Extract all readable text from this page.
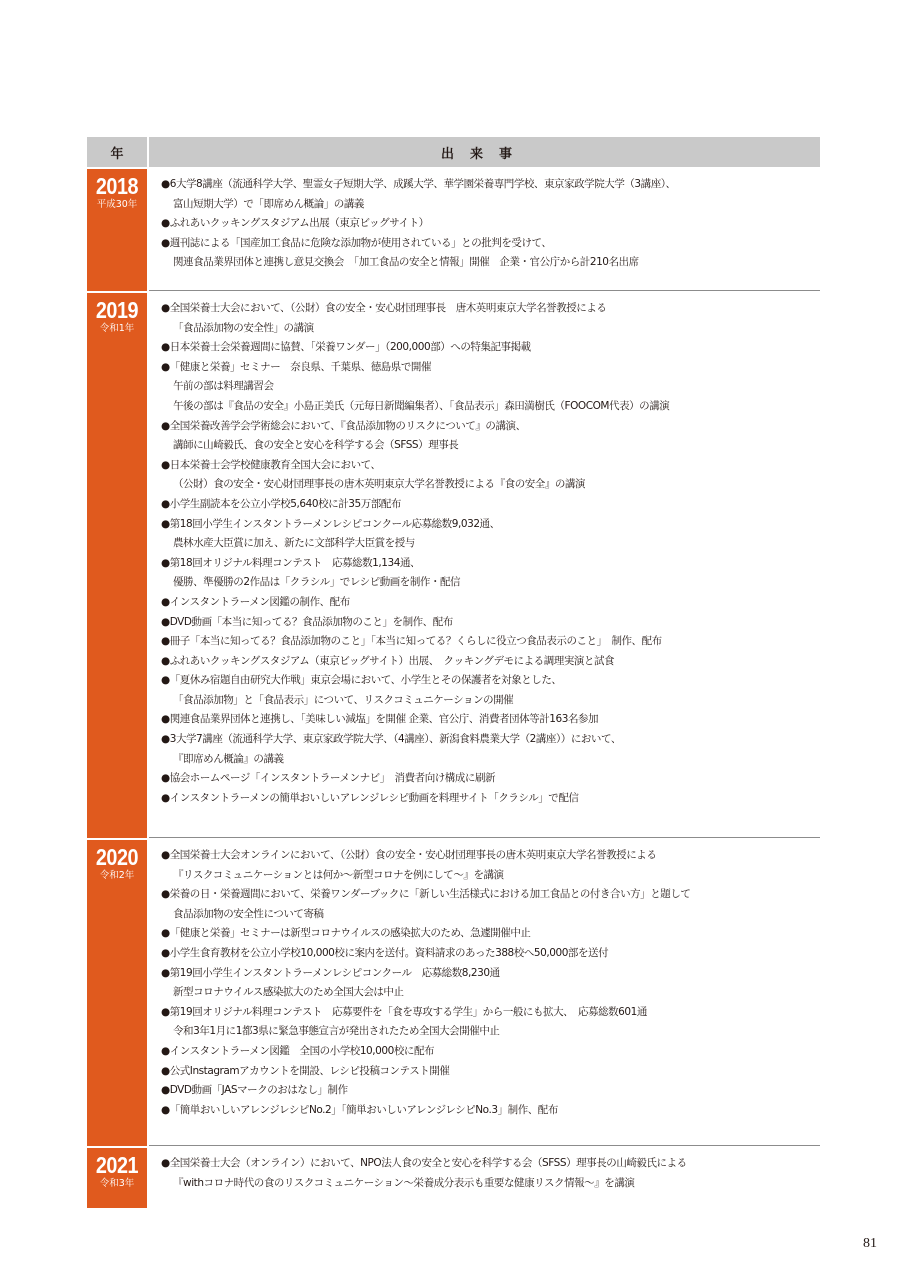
年	出来事
2018
平成30年
●6大学8講座（流通科学大学、聖霊女子短期大学、成蹊大学、華学園栄養専門学校、東京家政学院大学（3講座）、
富山短期大学）で「即席めん概論」の講義
●ふれあいクッキングスタジアム出展（東京ビッグサイト）
●週刊誌による「国産加工食品に危険な添加物が使用されている」との批判を受けて、
関連食品業界団体と連携し意見交換会　「加工食品の安全と情報」開催　企業・官公庁から計210名出席
2019
令和1年
●全国栄養士大会において、（公財）食の安全・安心財団理事長　唐木英明東京大学名誉教授による
「食品添加物の安全性」の講演
●日本栄養士会栄養週間に協賛、「栄養ワンダー」（200,000部）への特集記事掲載
●「健康と栄養」セミナー　奈良県、千葉県、徳島県で開催
午前の部は料理講習会
午後の部は『食品の安全』小島正美氏（元毎日新聞編集者）、「食品表示」森田満樹氏（FOOCOM代表）の講演
●全国栄養改善学会学術総会において、『食品添加物のリスクについて』の講演、
講師に山崎毅氏、食の安全と安心を科学する会（SFSS）理事長
●日本栄養士会学校健康教育全国大会において、
（公財）食の安全・安心財団理事長の唐木英明東京大学名誉教授による『食の安全』の講演
●小学生副読本を公立小学校5,640校に計35万部配布
●第18回小学生インスタントラーメンレシピコンクール応募総数9,032通、
農林水産大臣賞に加え、新たに文部科学大臣賞を授与
●第18回オリジナル料理コンテスト　応募総数1,134通、
優勝、準優勝の2作品は「クラシル」でレシピ動画を制作・配信
●インスタントラーメン図鑑の制作、配布
●DVD動画「本当に知ってる？食品添加物のこと」を制作、配布
●冊子「本当に知ってる？食品添加物のこと」「本当に知ってる？くらしに役立つ食品表示のこと」　制作、配布
●ふれあいクッキングスタジアム（東京ビッグサイト）出展、　クッキングデモによる調理実演と試食
●「夏休み宿題自由研究大作戦」東京会場において、小学生とその保護者を対象とした、
「食品添加物」と「食品表示」について、リスクコミュニケーションの開催
●関連食品業界団体と連携し、「美味しい減塩」を開催 企業、官公庁、消費者団体等計163名参加
●3大学7講座（流通科学大学、東京家政学院大学、（4講座）、新潟食料農業大学（2講座））において、
『即席めん概論』の講義
●協会ホームページ「インスタントラーメンナビ」　消費者向け構成に刷新
●インスタントラーメンの簡単おいしいアレンジレシピ動画を料理サイト「クラシル」で配信
2020
令和2年
●全国栄養士大会オンラインにおいて、（公財）食の安全・安心財団理事長の唐木英明東京大学名誉教授による
『リスクコミュニケーションとは何か～新型コロナを例にして～』を講演
●栄養の日・栄養週間において、栄養ワンダーブックに「新しい生活様式における加工食品との付き合い方」と題して
食品添加物の安全性について寄稿
●「健康と栄養」セミナーは新型コロナウイルスの感染拡大のため、急遽開催中止
●小学生食育教材を公立小学校10,000校に案内を送付。資料請求のあった388校へ50,000部を送付
●第19回小学生インスタントラーメンレシピコンクール　応募総数8,230通
新型コロナウイルス感染拡大のため全国大会は中止
●第19回オリジナル料理コンテスト　応募要件を「食を専攻する学生」から一般にも拡大、　応募総数601通
令和3年1月に1都3県に緊急事態宣言が発出されたため全国大会開催中止
●インスタントラーメン図鑑　全国の小学校10,000校に配布
●公式Instagramアカウントを開設、レシピ投稿コンテスト開催
●DVD動画「JASマークのおはなし」制作
●「簡単おいしいアレンジレシピNo.2」「簡単おいしいアレンジレシピNo.3」制作、配布
2021
令和3年
●全国栄養士大会（オンライン）において、NPO法人食の安全と安心を科学する会（SFSS）理事長の山崎毅氏による
『withコロナ時代の食のリスクコミュニケーション～栄養成分表示も重要な健康リスク情報～』を講演
81
